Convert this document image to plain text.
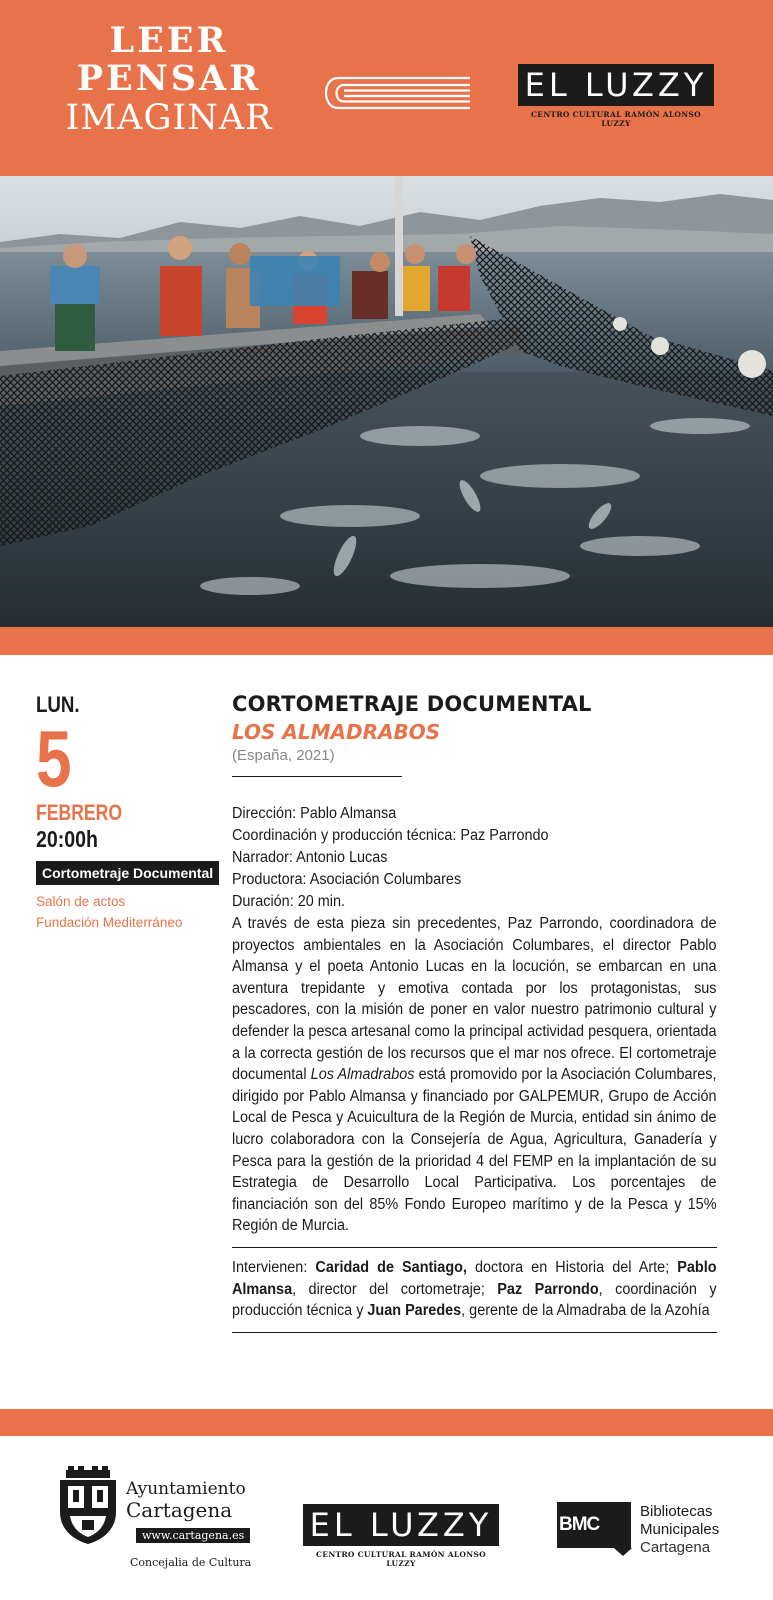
LEER
PENSAR
IMAGINAR
EL LUZZY
CENTRO CULTURAL RAMÓN ALONSO LUZZY
LUN.
5
FEBRERO
20:00h
Cortometraje Documental
Salón de actos
Fundación Mediterráneo
CORTOMETRAJE DOCUMENTAL
LOS ALMADRABOS
(España, 2021)
Dirección: Pablo Almansa
Coordinación y producción técnica: Paz Parrondo
Narrador: Antonio Lucas
Productora: Asociación Columbares
Duración: 20 min.
A través de esta pieza sin precedentes, Paz Parrondo, coordinadora de proyectos ambientales en la Asociación Columbares, el director Pablo Almansa y el poeta Antonio Lucas en la locución, se embarcan en una aventura trepidante y emotiva contada por los protagonistas, sus pescadores, con la misión de poner en valor nuestro patrimonio cultural y defender la pesca artesanal como la principal actividad pesquera, orientada a la correcta gestión de los recursos que el mar nos ofrece. El cortometraje documental Los Almadrabos está promovido por la Asociación Columbares, dirigido por Pablo Almansa y financiado por GALPEMUR, Grupo de Acción Local de Pesca y Acuicultura de la Región de Murcia, entidad sin ánimo de lucro colaboradora con la Consejería de Agua, Agricultura, Ganadería y Pesca para la gestión de la prioridad 4 del FEMP en la implantación de su Estrategia de Desarrollo Local Participativa. Los porcentajes de financiación son del 85% Fondo Europeo marítimo y de la Pesca y 15% Región de Murcia.
Intervienen: Caridad de Santiago, doctora en Historia del Arte; Pablo Almansa, director del cortometraje; Paz Parrondo, coordinación y producción técnica y Juan Paredes, gerente de la Almadraba de la Azohía
Ayuntamiento
Cartagena
www.cartagena.es
Concejalia de Cultura
EL LUZZY
CENTRO CULTURAL RAMÓN ALONSO LUZZY
BMC
Bibliotecas
Municipales
Cartagena
